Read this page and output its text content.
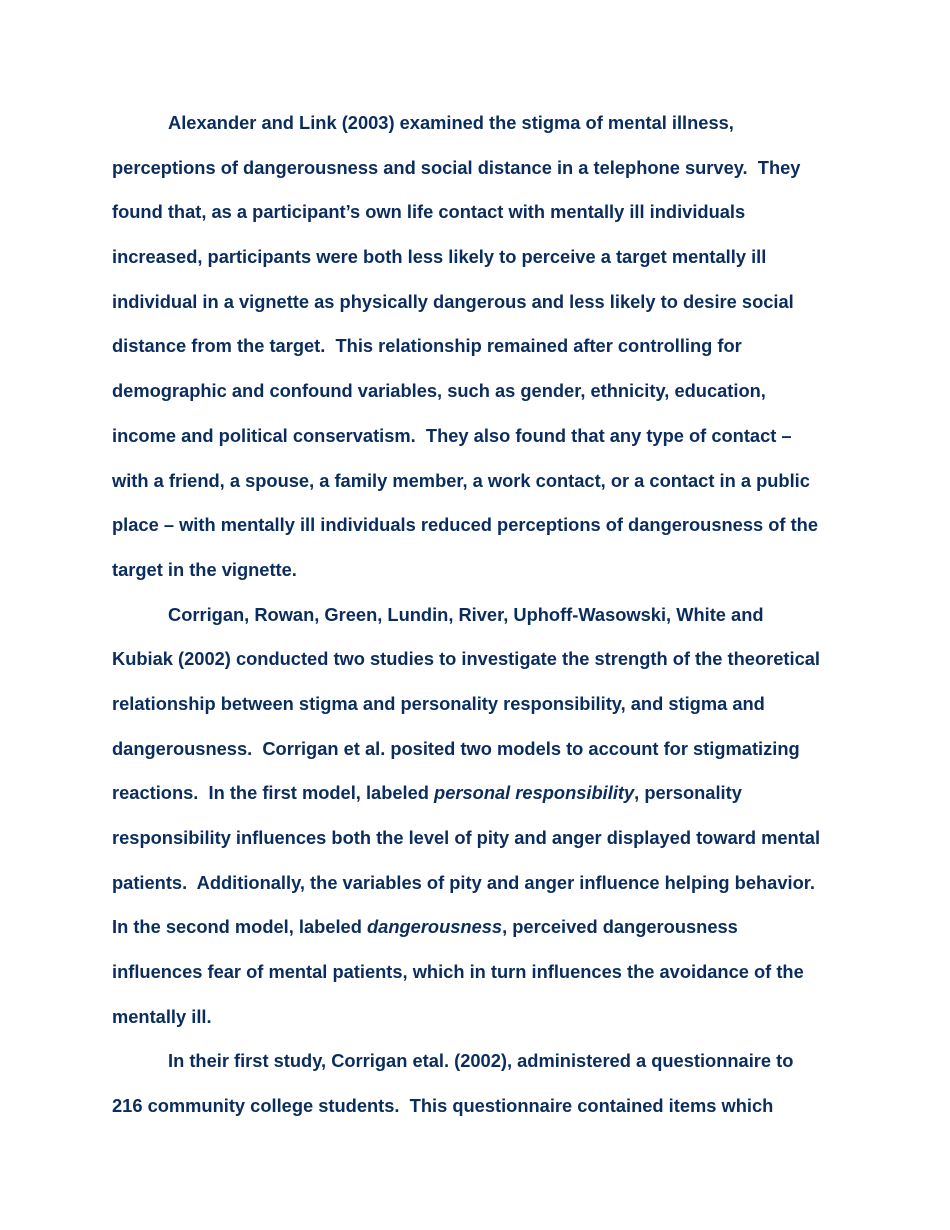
Alexander and Link (2003) examined the stigma of mental illness,
perceptions of dangerousness and social distance in a telephone survey.  They
found that, as a participant’s own life contact with mentally ill individuals
increased, participants were both less likely to perceive a target mentally ill
individual in a vignette as physically dangerous and less likely to desire social
distance from the target.  This relationship remained after controlling for
demographic and confound variables, such as gender, ethnicity, education,
income and political conservatism.  They also found that any type of contact –
with a friend, a spouse, a family member, a work contact, or a contact in a public
place – with mentally ill individuals reduced perceptions of dangerousness of the
target in the vignette.
Corrigan, Rowan, Green, Lundin, River, Uphoff-Wasowski, White and
Kubiak (2002) conducted two studies to investigate the strength of the theoretical
relationship between stigma and personality responsibility, and stigma and
dangerousness.  Corrigan et al. posited two models to account for stigmatizing
reactions.  In the first model, labeled personal responsibility, personality
responsibility influences both the level of pity and anger displayed toward mental
patients.  Additionally, the variables of pity and anger influence helping behavior.
In the second model, labeled dangerousness, perceived dangerousness
influences fear of mental patients, which in turn influences the avoidance of the
mentally ill.
In their first study, Corrigan etal. (2002), administered a questionnaire to
216 community college students.  This questionnaire contained items which
